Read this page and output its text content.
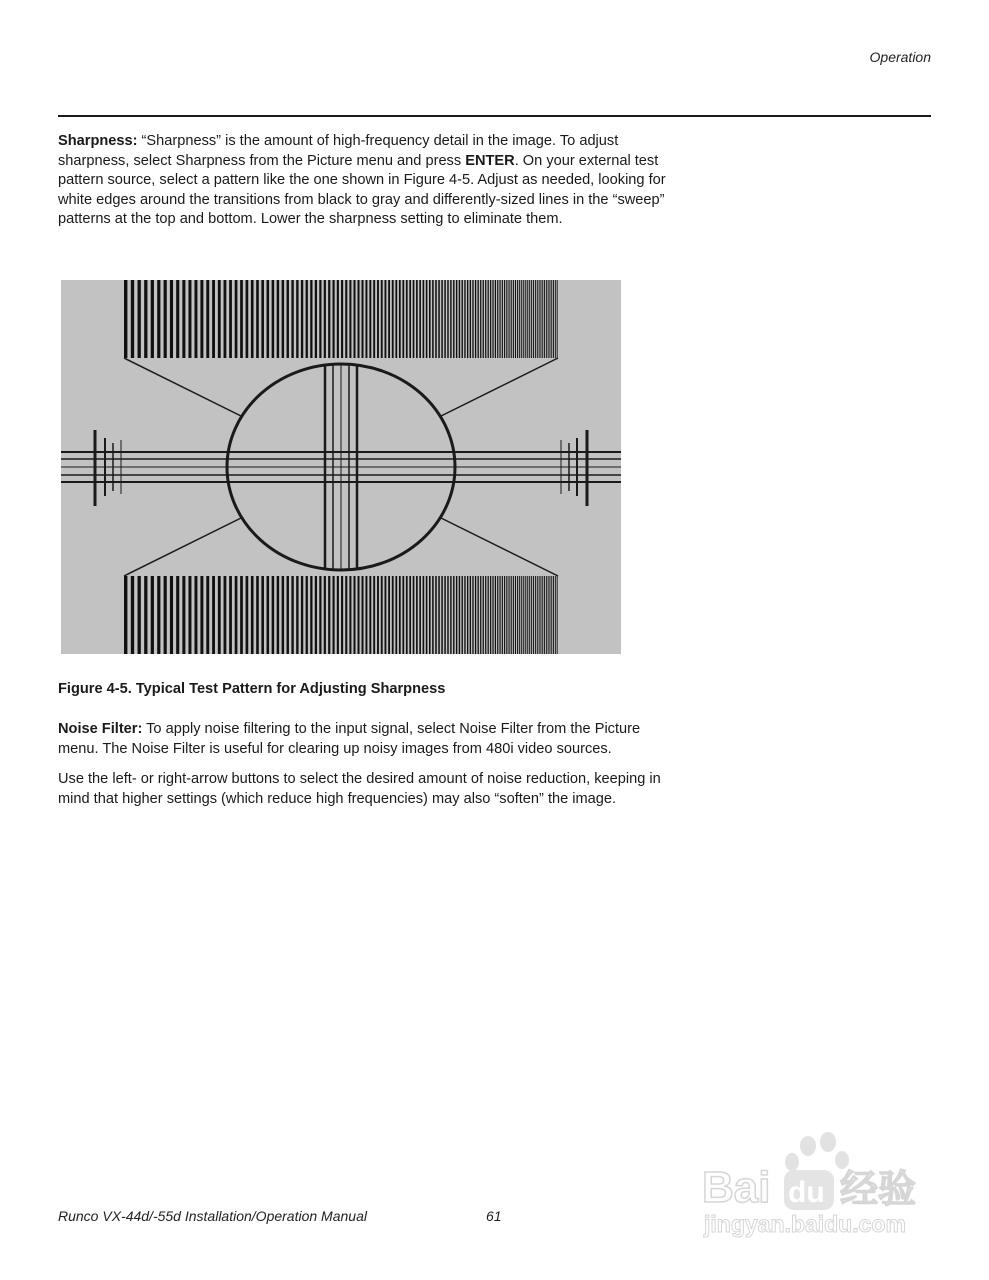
Operation

Sharpness: “Sharpness” is the amount of high-frequency detail in the image. To adjust sharpness, select Sharpness from the Picture menu and press ENTER. On your external test pattern source, select a pattern like the one shown in Figure 4-5. Adjust as needed, looking for white edges around the transitions from black to gray and differently-sized lines in the “sweep” patterns at the top and bottom. Lower the sharpness setting to eliminate them.

Figure 4-5. Typical Test Pattern for Adjusting Sharpness

Noise Filter: To apply noise filtering to the input signal, select Noise Filter from the Picture menu. The Noise Filter is useful for clearing up noisy images from 480i video sources.

Use the left- or right-arrow buttons to select the desired amount of noise reduction, keeping in mind that higher settings (which reduce high frequencies) may also “soften” the image.

Runco VX-44d/-55d Installation/Operation Manual	61
Bai du 经验
jingyan.baidu.com
